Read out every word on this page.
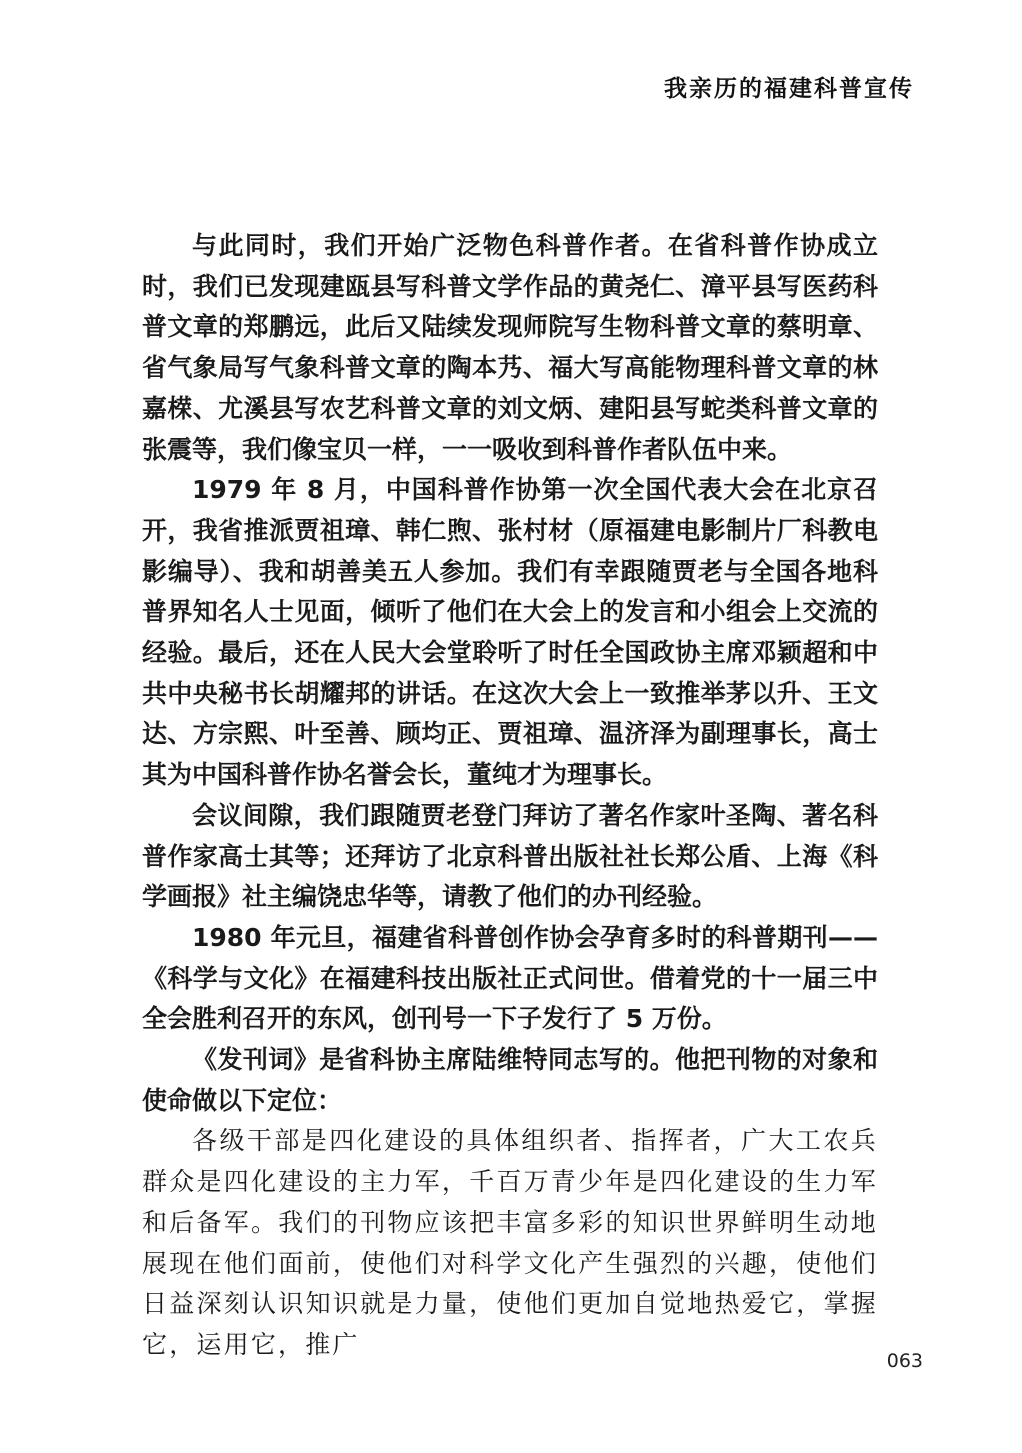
我亲历的福建科普宣传

与此同时，我们开始广泛物色科普作者。在省科普作协成立时，我们已发现建瓯县写科普文学作品的黄尧仁、漳平县写医药科普文章的郑鹏远，此后又陆续发现师院写生物科普文章的蔡明章、省气象局写气象科普文章的陶本艿、福大写高能物理科普文章的林嘉㮠、尤溪县写农艺科普文章的刘文炳、建阳县写蛇类科普文章的张震等，我们像宝贝一样，一一吸收到科普作者队伍中来。

1979 年 8 月，中国科普作协第一次全国代表大会在北京召开，我省推派贾祖璋、韩仁煦、张村材（原福建电影制片厂科教电影编导）、我和胡善美五人参加。我们有幸跟随贾老与全国各地科普界知名人士见面，倾听了他们在大会上的发言和小组会上交流的经验。最后，还在人民大会堂聆听了时任全国政协主席邓颖超和中共中央秘书长胡耀邦的讲话。在这次大会上一致推举茅以升、王文达、方宗熙、叶至善、顾均正、贾祖璋、温济泽为副理事长，高士其为中国科普作协名誉会长，董纯才为理事长。

会议间隙，我们跟随贾老登门拜访了著名作家叶圣陶、著名科普作家高士其等；还拜访了北京科普出版社社长郑公盾、上海《科学画报》社主编饶忠华等，请教了他们的办刊经验。

1980 年元旦，福建省科普创作协会孕育多时的科普期刊——《科学与文化》在福建科技出版社正式问世。借着党的十一届三中全会胜利召开的东风，创刊号一下子发行了 5 万份。

《发刊词》是省科协主席陆维特同志写的。他把刊物的对象和使命做以下定位：

各级干部是四化建设的具体组织者、指挥者，广大工农兵群众是四化建设的主力军，千百万青少年是四化建设的生力军和后备军。我们的刊物应该把丰富多彩的知识世界鲜明生动地展现在他们面前，使他们对科学文化产生强烈的兴趣，使他们日益深刻认识知识就是力量，使他们更加自觉地热爱它，掌握它，运用它，推广

063
